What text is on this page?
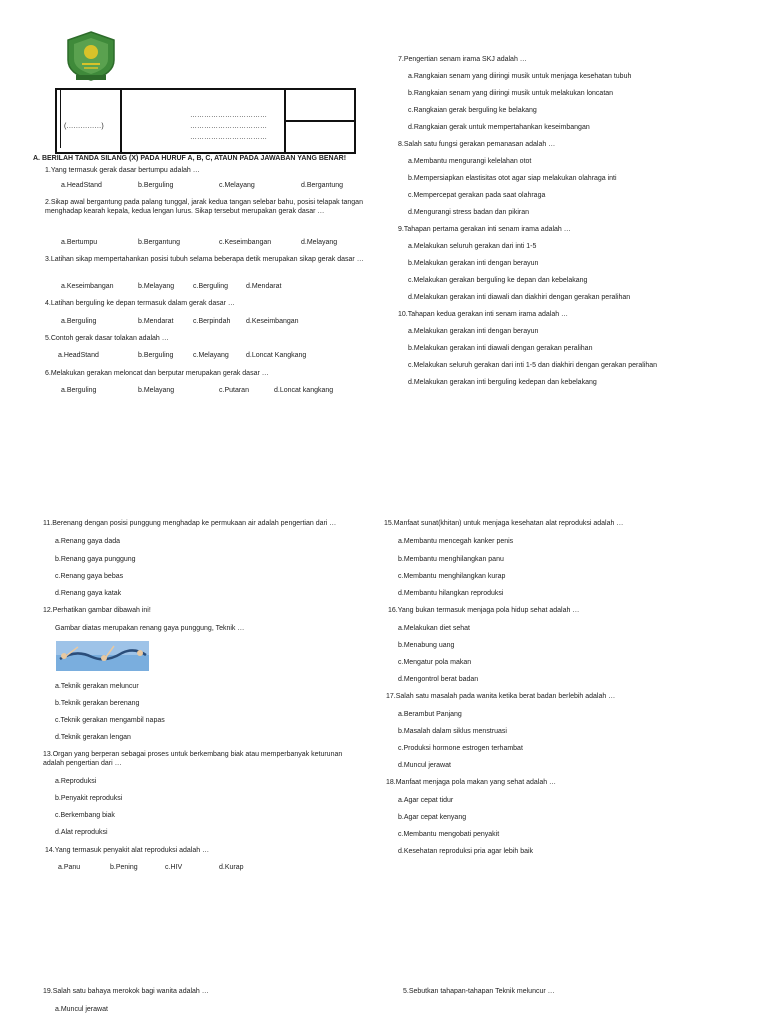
(……………)
……………………………
……………………………
……………………………
A. BERILAH TANDA SILANG (X) PADA HURUF A, B, C, ATAUN PADA JAWABAN YANG BENAR!
1.Yang termasuk gerak dasar bertumpu adalah …
a.HeadStand	b.Berguling	c.Melayang	d.Bergantung
2.Sikap awal bergantung pada palang tunggal, jarak kedua tangan selebar bahu, posisi telapak tangan menghadap kearah kepala, kedua lengan lurus. Sikap tersebut merupakan gerak dasar …
a.Bertumpu	b.Bergantung	c.Keseimbangan	d.Melayang
3.Latihan sikap mempertahankan posisi tubuh selama beberapa detik merupakan sikap gerak dasar …
a.Keseimbangan	b.Melayang	c.Berguling	d.Mendarat
4.Latihan berguling ke depan termasuk dalam gerak dasar …
a.Berguling	b.Mendarat	c.Berpindah d.Keseimbangan
5.Contoh gerak dasar tolakan adalah …
a.HeadStand	b.Berguling	c.Melayang d.Loncat Kangkang
6.Melakukan gerakan meloncat dan berputar merupakan gerak dasar …
a.Berguling	b.Melayang	c.Putaran	d.Loncat kangkang
7.Pengertian senam irama SKJ adalah …
a.Rangkaian senam yang diiringi musik untuk menjaga kesehatan tubuh
b.Rangkaian senam yang diiringi musik untuk melakukan loncatan
c.Rangkaian gerak berguling ke belakang
d.Rangkaian gerak untuk mempertahankan keseimbangan
8.Salah satu fungsi gerakan pemanasan adalah …
a.Membantu mengurangi kelelahan otot
b.Mempersiapkan elastisitas otot agar siap melakukan olahraga inti
c.Mempercepat gerakan pada saat olahraga
d.Mengurangi stress badan dan pikiran
9.Tahapan pertama gerakan inti senam irama adalah …
a.Melakukan seluruh gerakan dari inti 1-5
b.Melakukan gerakan inti dengan berayun
c.Melakukan gerakan berguling ke depan dan kebelakang
d.Melakukan gerakan inti diawali dan diakhiri dengan gerakan peralihan
10.Tahapan kedua gerakan inti senam irama adalah …
a.Melakukan gerakan inti dengan berayun
b.Melakukan gerakan inti diawali dengan gerakan peralihan
c.Melakukan seluruh gerakan dari inti 1-5 dan diakhiri dengan gerakan peralihan
d.Melakukan gerakan inti berguling kedepan dan kebelakang
11.Berenang dengan posisi punggung menghadap ke permukaan air adalah pengertian dari …
a.Renang gaya dada
b.Renang gaya punggung
c.Renang gaya bebas
d.Renang gaya katak
12.Perhatikan gambar dibawah ini!
Gambar diatas merupakan renang gaya punggung, Teknik …
a.Teknik gerakan meluncur
b.Teknik gerakan berenang
c.Teknik gerakan mengambil napas
d.Teknik gerakan lengan
13.Organ yang berperan sebagai proses untuk berkembang biak atau memperbanyak keturunan adalah pengertian dari …
a.Reproduksi
b.Penyakit reproduksi
c.Berkembang biak
d.Alat reproduksi
14.Yang termasuk penyakit alat reproduksi adalah …
a.Panu	b.Pening	c.HIV	d.Kurap
15.Manfaat sunat(khitan) untuk menjaga kesehatan alat reproduksi adalah …
a.Membantu mencegah kanker penis
b.Membantu menghilangkan panu
c.Membantu menghilangkan kurap
d.Membantu hilangkan reproduksi
16.Yang bukan termasuk menjaga pola hidup sehat adalah …
a.Melakukan diet sehat
b.Menabung uang
c.Mengatur pola makan
d.Mengontrol berat badan
17.Salah satu masalah pada wanita ketika berat badan berlebih adalah …
a.Berambut Panjang
b.Masalah dalam siklus menstruasi
c.Produksi hormone estrogen terhambat
d.Muncul jerawat
18.Manfaat menjaga pola makan yang sehat adalah …
a.Agar cepat tidur
b.Agar cepat kenyang
c.Membantu mengobati penyakit
d.Kesehatan reproduksi pria agar lebih baik
19.Salah satu bahaya merokok bagi wanita adalah …
a.Muncul jerawat
5.Sebutkan tahapan-tahapan Teknik meluncur …
